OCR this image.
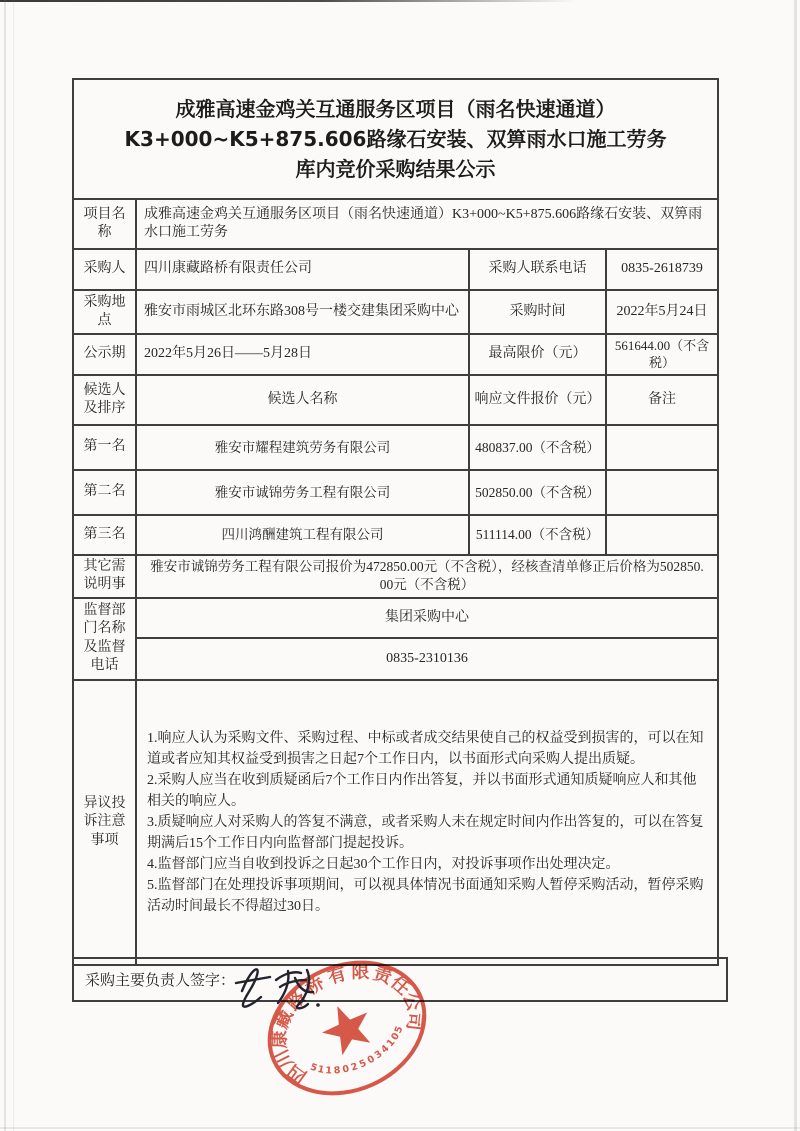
成雅高速金鸡关互通服务区项目（雨名快速通道）
K3+000~K5+875.606路缘石安装、双箅雨水口施工劳务
库内竞价采购结果公示			

项目名称	成雅高速金鸡关互通服务区项目（雨名快速通道）K3+000~K5+875.606路缘石安装、双箅雨水口施工劳务		
采购人	四川康藏路桥有限责任公司	采购人联系电话	0835-2618739
采购地点	雅安市雨城区北环东路308号一楼交建集团采购中心	采购时间	2022年5月24日
公示期	2022年5月26日——5月28日	最高限价（元）	561644.00（不含税）
候选人及排序	候选人名称	响应文件报价（元）	备注
第一名	雅安市耀程建筑劳务有限公司	480837.00（不含税）	
第二名	雅安市诚锦劳务工程有限公司	502850.00（不含税）	
第三名	四川鸿酬建筑工程有限公司	511114.00（不含税）	
其它需说明事	雅安市诚锦劳务工程有限公司报价为472850.00元（不含税），经核查清单修正后价格为502850.00元（不含税）		
监督部门名称及监督电话	集团采购中心		
	0835-2310136		
异议投诉注意事项	1.响应人认为采购文件、采购过程、中标或者成交结果使自己的权益受到损害的，可以在知道或者应知其权益受到损害之日起7个工作日内，以书面形式向采购人提出质疑。
2.采购人应当在收到质疑函后7个工作日内作出答复，并以书面形式通知质疑响应人和其他相关的响应人。
3.质疑响应人对采购人的答复不满意，或者采购人未在规定时间内作出答复的，可以在答复期满后15个工作日内向监督部门提起投诉。
4.监督部门应当自收到投诉之日起30个工作日内，对投诉事项作出处理决定。
5.监督部门在处理投诉事项期间，可以视具体情况书面通知采购人暂停采购活动，暂停采购活动时间最长不得超过30日。		
采购主要负责人签字：
四
川
康
藏
路
桥
有 限 责
任
公
司
5
1 1 8 0 2
5
0
3
4
1
0
5
